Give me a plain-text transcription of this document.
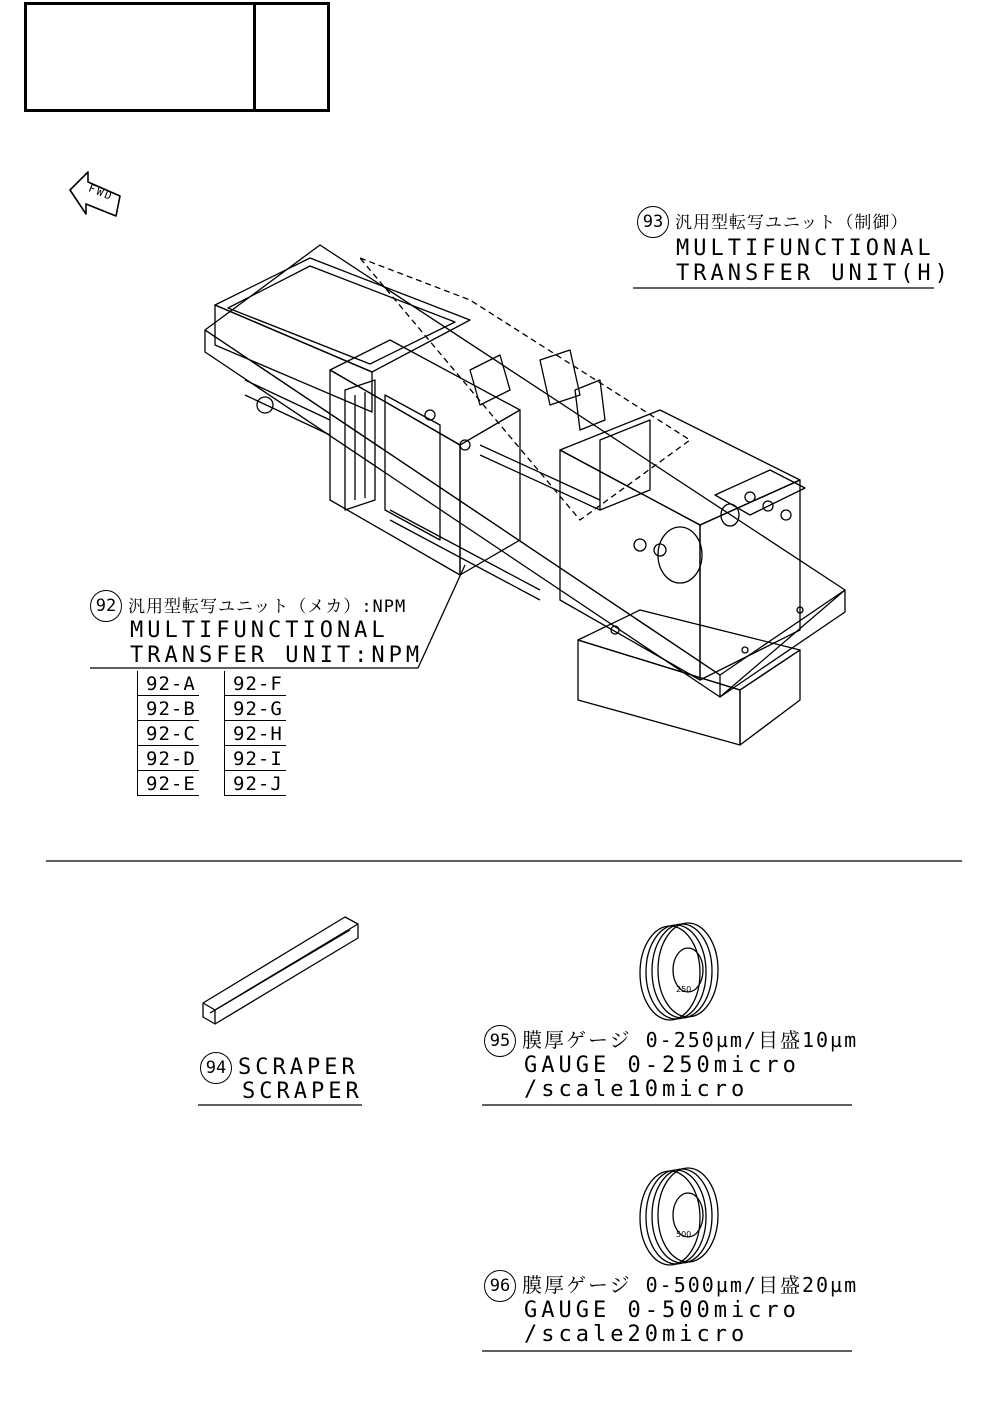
FWD
93 汎用型転写ユニット（制御）
MULTIFUNCTIONAL
TRANSFER UNIT(H)
92 汎用型転写ユニット（メカ）:NPM
MULTIFUNCTIONAL
TRANSFER UNIT:NPM
92-A
92-B
92-C
92-D
92-E
92-F
92-G
92-H
92-I
92-J
94 SCRAPER
SCRAPER
250
500
95 膜厚ゲージ 0-250µm/目盛10µm
GAUGE 0-250micro
/scale10micro
96 膜厚ゲージ 0-500µm/目盛20µm
GAUGE 0-500micro
/scale20micro
